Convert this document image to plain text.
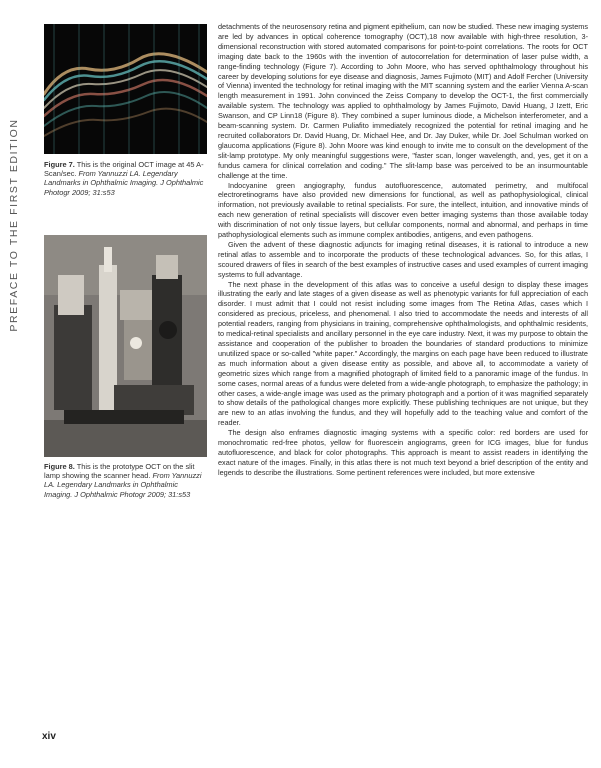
PREFACE TO THE FIRST EDITION	Figure 7. This is the original OCT image at 45 A-Scan/sec. From Yannuzzi LA. Legendary Landmarks in Ophthalmic Imaging. J Ophthalmic Photogr 2009; 31:s53
Figure 8. This is the prototype OCT on the slit lamp showing the scanner head. From Yannuzzi LA. Legendary Landmarks in Ophthalmic Imaging. J Ophthalmic Photogr 2009; 31:s53

detachments of the neurosensory retina and pigment epithelium, can now be studied. These new imaging systems are led by advances in optical coherence tomography (OCT),18 now available with high-three resolution, 3-dimensional reconstruction with stored automated comparisons for point-to-point correlations. The roots for OCT imaging date back to the 1960s with the invention of autocorrelation for determination of laser pulse width, a range-finding technology (Figure 7). According to John Moore, who has served ophthalmology throughout his career by developing solutions for eye disease and diagnosis, James Fujimoto (MIT) and Adolf Fercher (University of Vienna) invented the technology for retinal imaging with the MIT scanning system and the earlier Vienna A-scan length measurement in 1991. John convinced the Zeiss Company to develop the OCT-1, the first commercially available system. The technology was applied to ophthalmology by James Fujimoto, David Huang, J Izett, Eric Swanson, and CP Linn18 (Figure 8). They combined a super luminous diode, a Michelson interferometer, and a beam-scanning system. Dr. Carmen Puliafito immediately recognized the potential for retinal imaging and he recruited collaborators Dr. David Huang, Dr. Michael Hee, and Dr. Jay Duker, while Dr. Joel Schulman worked on glaucoma applications (Figure 8). John Moore was kind enough to invite me to consult on the development of the slit-lamp prototype. My only meaningful suggestions were, "faster scan, longer wavelength, and, yes, get it on a fundus camera for clinical correlation and coding." The slit-lamp base was perceived to be an insurmountable challenge at the time.

Indocyanine green angiography, fundus autofluorescence, automated perimetry, and multifocal electroretinograms have also provided new dimensions for functional, as well as pathophysiological, clinical information, not previously available to retinal specialists. For sure, the intellect, intuition, and innovative minds of each new generation of retinal specialists will discover even better imaging systems than those available today with discrimination of not only tissue layers, but cellular components, normal and abnormal, and perhaps in time pathophysiological elements such as immune complex antibodies, antigens, and even pathogens.

Given the advent of these diagnostic adjuncts for imaging retinal diseases, it is rational to introduce a new retinal atlas to assemble and to incorporate the products of these technological advances. So, for this atlas, I scoured drawers of files in search of the best examples of instructive cases and used examples of current imaging systems to full advantage.

The next phase in the development of this atlas was to conceive a useful design to display these images illustrating the early and late stages of a given disease as well as phenotypic variants for full appreciation of each disorder. I must admit that I could not resist including some images from The Retina Atlas, cases which I considered as precious, priceless, and phenomenal. I also tried to accommodate the needs and interests of all potential readers, ranging from physicians in training, comprehensive ophthalmologists, and ophthalmic residents, to medical-retinal specialists and ancillary personnel in the eye care industry. Next, it was my purpose to obtain the assistance and cooperation of the publisher to broaden the boundaries of standard productions to minimize unutilized space or so-called "white paper." Accordingly, the margins on each page have been reduced to illustrate as much information about a given disease entity as possible, and above all, to accommodate a variety of geometric sizes which range from a magnified photograph of limited field to a panoramic image of the fundus. In some cases, normal areas of a fundus were deleted from a wide-angle photograph, to emphasize the pathology; in other cases, a wide-angle image was used as the primary photograph and a portion of it was magnified separately to show details of the pathological changes more explicitly. These publishing techniques are not unique, but they are new to an atlas involving the fundus, and they will hopefully add to the teaching value and comfort of the reader.

The design also enframes diagnostic imaging systems with a specific color: red borders are used for monochromatic red-free photos, yellow for fluorescein angiograms, green for ICG images, blue for fundus autofluorescence, and black for color photographs. This approach is meant to assist readers in identifying the exact nature of the images. Finally, in this atlas there is not much text beyond a brief description of the entity and legends to describe the illustrations. Some pertinent references were included, but more extensive

xiv
